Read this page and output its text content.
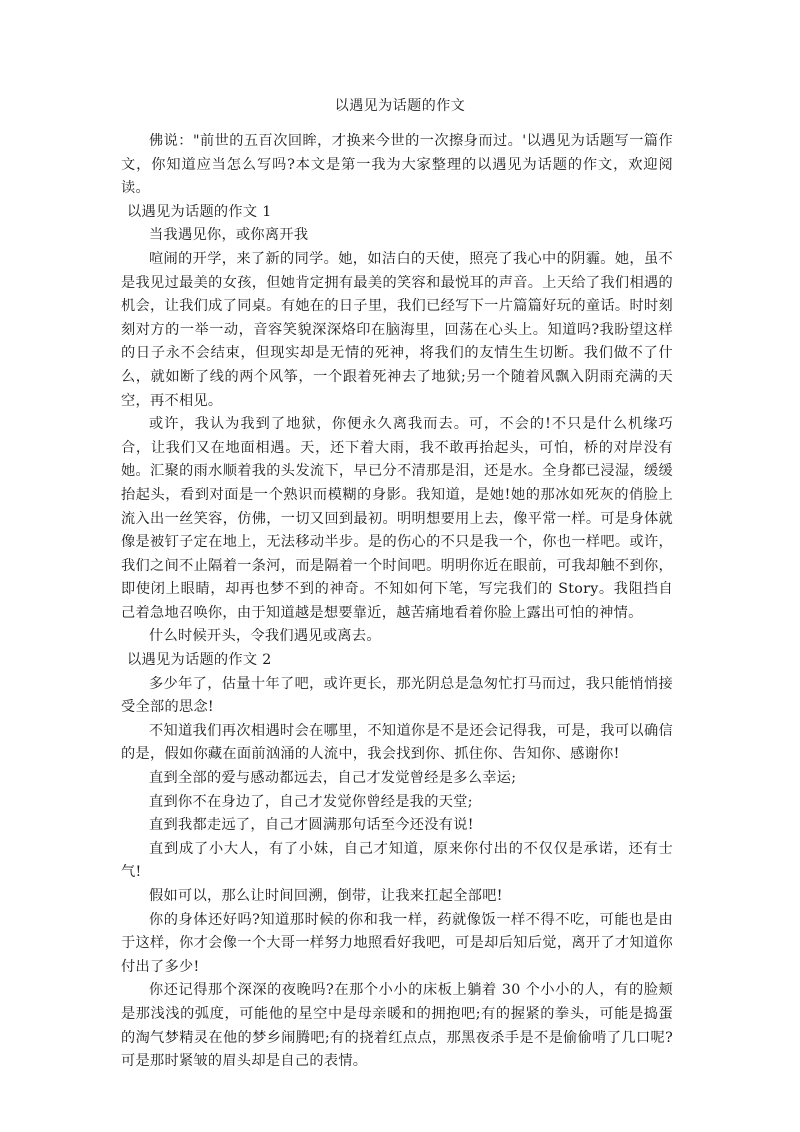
以遇见为话题的作文

佛说："前世的五百次回眸，才换来今世的一次擦身而过。'以遇见为话题写一篇作文，你知道应当怎么写吗?本文是第一我为大家整理的以遇见为话题的作文，欢迎阅读。

以遇见为话题的作文 1

当我遇见你，或你离开我

喧闹的开学，来了新的同学。她，如洁白的天使，照亮了我心中的阴霾。她，虽不是我见过最美的女孩，但她肯定拥有最美的笑容和最悦耳的声音。上天给了我们相遇的机会，让我们成了同桌。有她在的日子里，我们已经写下一片篇篇好玩的童话。时时刻刻对方的一举一动，音容笑貌深深烙印在脑海里，回荡在心头上。知道吗?我盼望这样的日子永不会结束，但现实却是无情的死神，将我们的友情生生切断。我们做不了什么，就如断了线的两个风筝，一个跟着死神去了地狱;另一个随着风飘入阴雨充满的天空，再不相见。

或许，我认为我到了地狱，你便永久离我而去。可，不会的!不只是什么机缘巧合，让我们又在地面相遇。天，还下着大雨，我不敢再抬起头，可怕，桥的对岸没有她。汇聚的雨水顺着我的头发流下，早已分不清那是泪，还是水。全身都已浸湿，缓缓抬起头，看到对面是一个熟识而模糊的身影。我知道，是她!她的那冰如死灰的俏脸上流入出一丝笑容，仿佛，一切又回到最初。明明想要用上去，像平常一样。可是身体就像是被钉子定在地上，无法移动半步。是的伤心的不只是我一个，你也一样吧。或许，我们之间不止隔着一条河，而是隔着一个时间吧。明明你近在眼前，可我却触不到你，即使闭上眼睛，却再也梦不到的神奇。不知如何下笔，写完我们的 Story。我阻挡自己着急地召唤你，由于知道越是想要靠近，越苦痛地看着你脸上露出可怕的神情。

什么时候开头，令我们遇见或离去。

以遇见为话题的作文 2

多少年了，估量十年了吧，或许更长，那光阴总是急匆忙打马而过，我只能悄悄接受全部的思念!

不知道我们再次相遇时会在哪里，不知道你是不是还会记得我，可是，我可以确信的是，假如你藏在面前汹涌的人流中，我会找到你、抓住你、告知你、感谢你!

直到全部的爱与感动都远去，自己才发觉曾经是多么幸运;

直到你不在身边了，自己才发觉你曾经是我的天堂;

直到我都走远了，自己才圆满那句话至今还没有说!

直到成了小大人，有了小妹，自己才知道，原来你付出的不仅仅是承诺，还有士气!

假如可以，那么让时间回溯，倒带，让我来扛起全部吧!

你的身体还好吗?知道那时候的你和我一样，药就像饭一样不得不吃，可能也是由于这样，你才会像一个大哥一样努力地照看好我吧，可是却后知后觉，离开了才知道你付出了多少!

你还记得那个深深的夜晚吗?在那个小小的床板上躺着 30 个小小的人，有的脸颊是那浅浅的弧度，可能他的星空中是母亲暖和的拥抱吧;有的握紧的拳头，可能是捣蛋的淘气梦精灵在他的梦乡闹腾吧;有的挠着红点点，那黑夜杀手是不是偷偷啃了几口呢?可是那时紧皱的眉头却是自己的表情。
